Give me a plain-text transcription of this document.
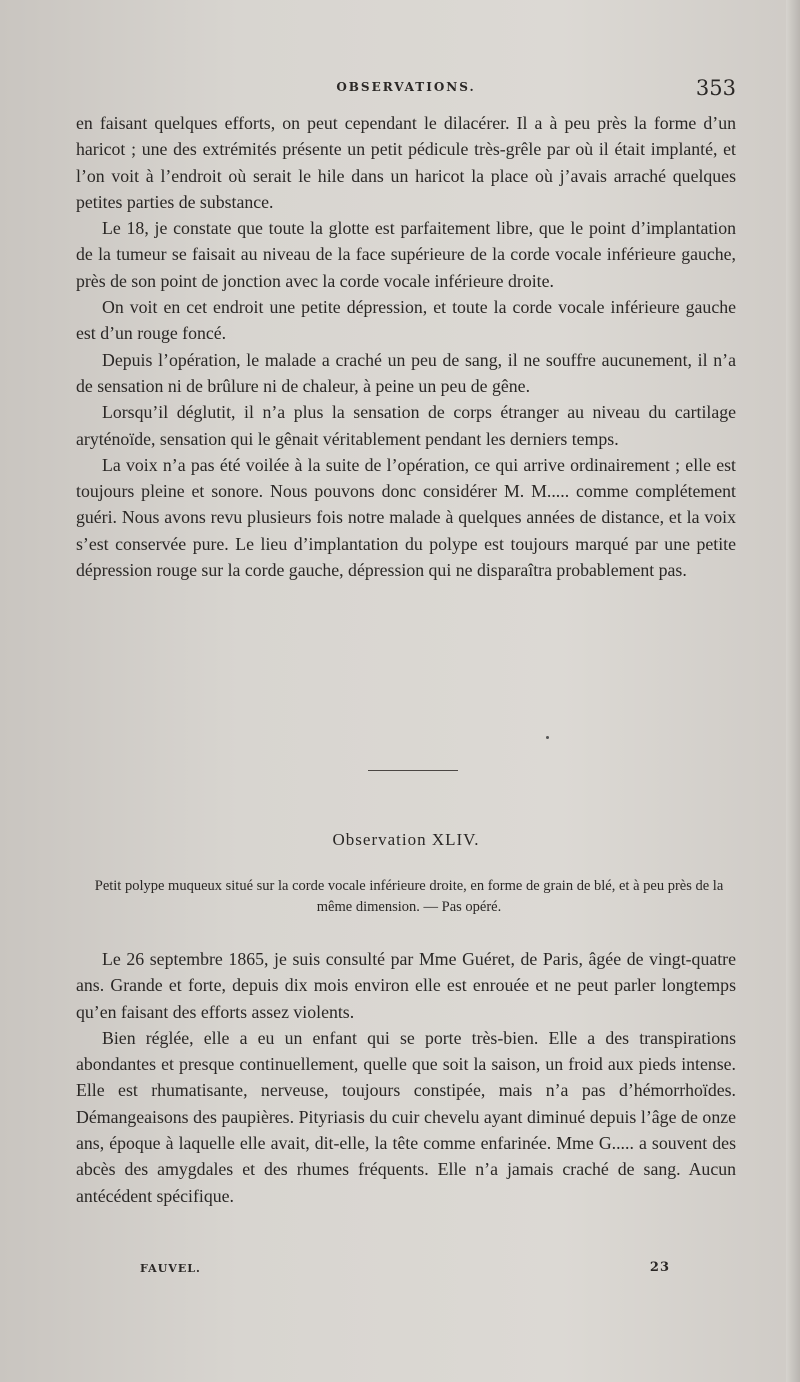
OBSERVATIONS.	353

en faisant quelques efforts, on peut cependant le dilacérer. Il a à peu près la forme d’un haricot ; une des extrémités présente un petit pédicule très-grêle par où il était implanté, et l’on voit à l’endroit où serait le hile dans un haricot la place où j’avais arraché quelques petites parties de substance.

Le 18, je constate que toute la glotte est parfaitement libre, que le point d’implantation de la tumeur se faisait au niveau de la face supérieure de la corde vocale inférieure gauche, près de son point de jonction avec la corde vocale inférieure droite.

On voit en cet endroit une petite dépression, et toute la corde vocale inférieure gauche est d’un rouge foncé.

Depuis l’opération, le malade a craché un peu de sang, il ne souffre aucunement, il n’a de sensation ni de brûlure ni de chaleur, à peine un peu de gêne.

Lorsqu’il déglutit, il n’a plus la sensation de corps étranger au niveau du cartilage aryténoïde, sensation qui le gênait véritablement pendant les derniers temps.

La voix n’a pas été voilée à la suite de l’opération, ce qui arrive ordinairement ; elle est toujours pleine et sonore. Nous pouvons donc considérer M. M..... comme complétement guéri. Nous avons revu plusieurs fois notre malade à quelques années de distance, et la voix s’est conservée pure. Le lieu d’implantation du polype est toujours marqué par une petite dépression rouge sur la corde gauche, dépression qui ne disparaîtra probablement pas.

Observation XLIV.
Petit polype muqueux situé sur la corde vocale inférieure droite, en forme de grain de blé, et à peu près de la même dimension. — Pas opéré.

Le 26 septembre 1865, je suis consulté par Mme Guéret, de Paris, âgée de vingt-quatre ans. Grande et forte, depuis dix mois environ elle est enrouée et ne peut parler longtemps qu’en faisant des efforts assez violents.

Bien réglée, elle a eu un enfant qui se porte très-bien. Elle a des transpirations abondantes et presque continuellement, quelle que soit la saison, un froid aux pieds intense. Elle est rhumatisante, nerveuse, toujours constipée, mais n’a pas d’hémorrhoïdes. Démangeaisons des paupières. Pityriasis du cuir chevelu ayant diminué depuis l’âge de onze ans, époque à laquelle elle avait, dit-elle, la tête comme enfarinée. Mme G..... a souvent des abcès des amygdales et des rhumes fréquents. Elle n’a jamais craché de sang. Aucun antécédent spécifique.

FAUVEL.	23
